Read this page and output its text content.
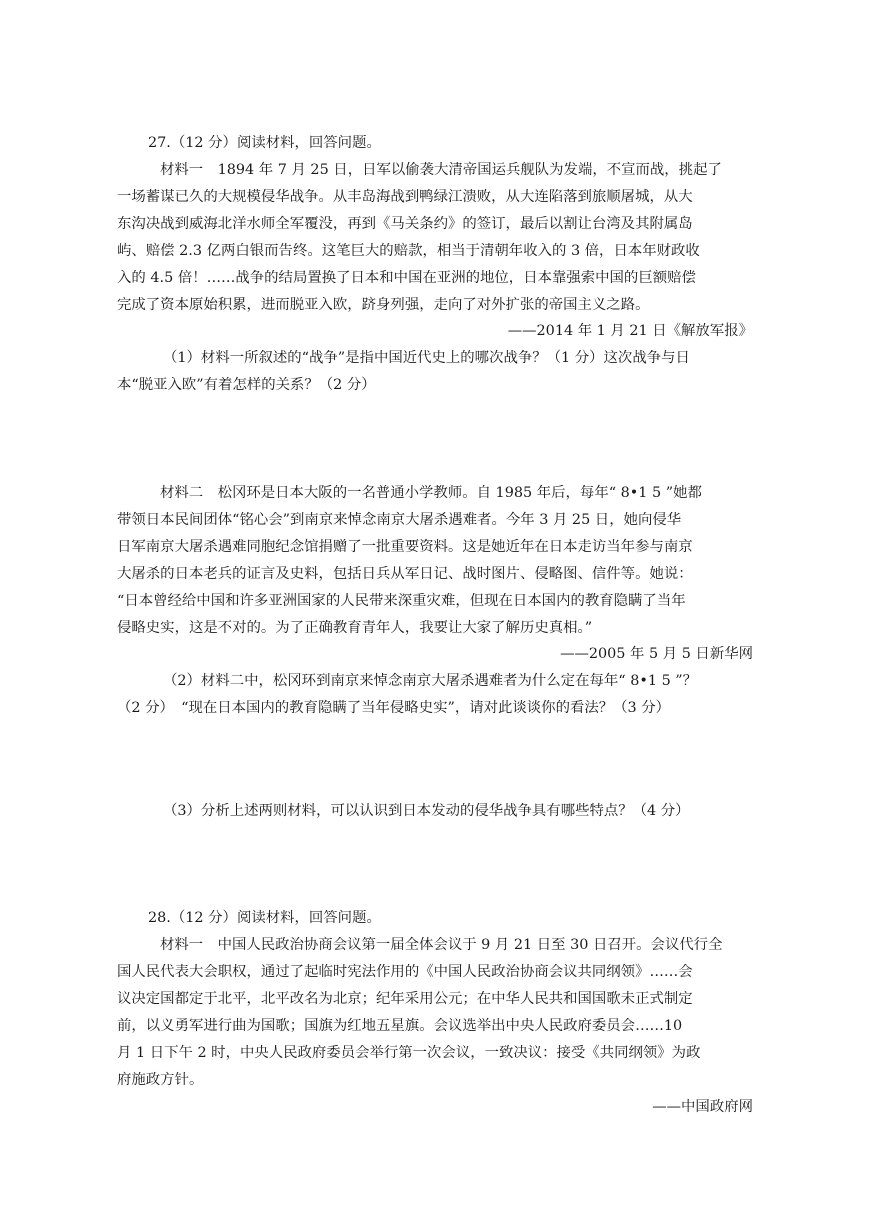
27.（12 分）阅读材料，回答问题。
材料一　1894 年 7 月 25 日，日军以偷袭大清帝国运兵舰队为发端，不宣而战，挑起了
一场蓄谋已久的大规模侵华战争。从丰岛海战到鸭绿江溃败，从大连陷落到旅顺屠城，从大
东沟决战到威海北洋水师全军覆没，再到《马关条约》的签订，最后以割让台湾及其附属岛
屿、赔偿 2.3 亿两白银而告终。这笔巨大的赔款，相当于清朝年收入的 3 倍，日本年财政收
入的 4.5 倍！……战争的结局置换了日本和中国在亚洲的地位，日本靠强索中国的巨额赔偿
完成了资本原始积累，进而脱亚入欧，跻身列强，走向了对外扩张的帝国主义之路。
——2014 年 1 月 21 日《解放军报》
（1）材料一所叙述的“战争”是指中国近代史上的哪次战争？（1 分）这次战争与日
本“脱亚入欧”有着怎样的关系？（2 分）
材料二　松冈环是日本大阪的一名普通小学教师。自 1985 年后，每年“ 8•1 5 ”她都
带领日本民间团体“铭心会”到南京来悼念南京大屠杀遇难者。今年 3 月 25 日，她向侵华
日军南京大屠杀遇难同胞纪念馆捐赠了一批重要资料。这是她近年在日本走访当年参与南京
大屠杀的日本老兵的证言及史料，包括日兵从军日记、战时图片、侵略图、信件等。她说：
“日本曾经给中国和许多亚洲国家的人民带来深重灾难，但现在日本国内的教育隐瞒了当年
侵略史实，这是不对的。为了正确教育青年人，我要让大家了解历史真相。”
——2005 年 5 月 5 日新华网
（2）材料二中，松冈环到南京来悼念南京大屠杀遇难者为什么定在每年“ 8•1 5 ”？
（2 分）　“现在日本国内的教育隐瞒了当年侵略史实”，请对此谈谈你的看法？（3 分）
（3）分析上述两则材料，可以认识到日本发动的侵华战争具有哪些特点？（4 分）
28.（12 分）阅读材料，回答问题。
材料一　中国人民政治协商会议第一届全体会议于 9 月 21 日至 30 日召开。会议代行全
国人民代表大会职权，通过了起临时宪法作用的《中国人民政治协商会议共同纲领》……会
议决定国都定于北平，北平改名为北京；纪年采用公元；在中华人民共和国国歌未正式制定
前，以义勇军进行曲为国歌；国旗为红地五星旗。会议选举出中央人民政府委员会……10
月 1 日下午 2 时，中央人民政府委员会举行第一次会议，一致决议：接受《共同纲领》为政
府施政方针。
——中国政府网
